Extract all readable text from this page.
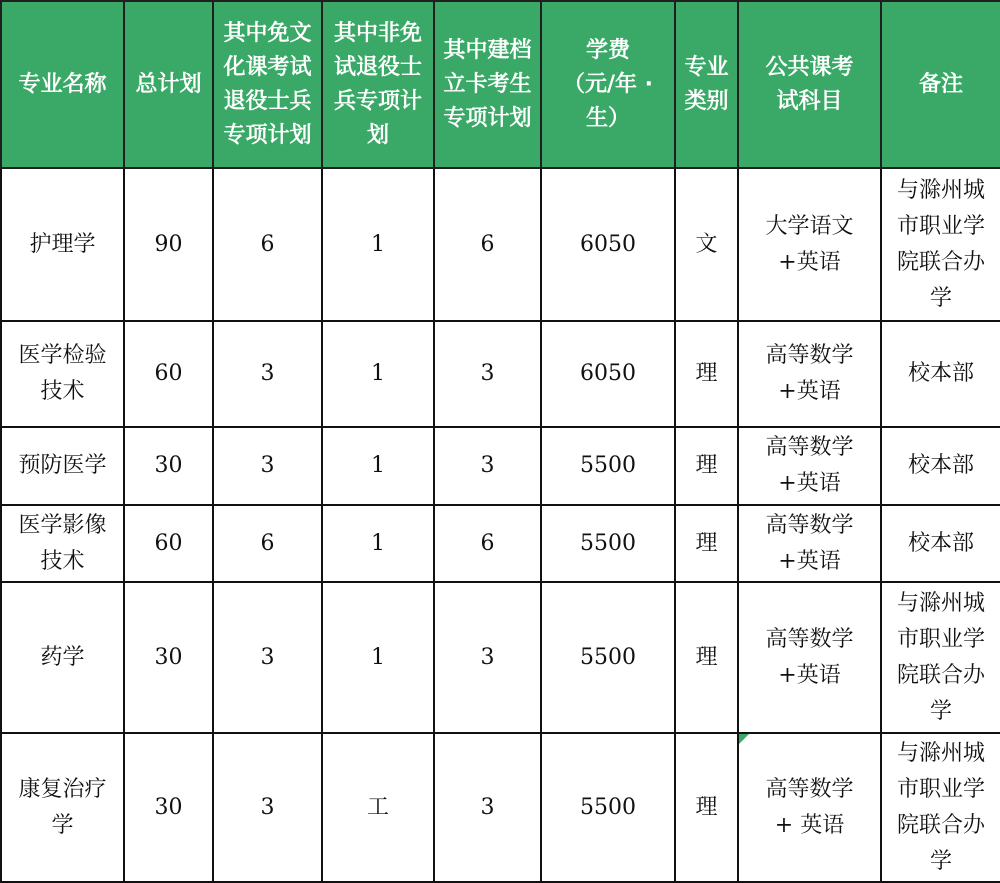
专业名称	总计划	其中免文
化课考试
退役士兵
专项计划	其中非免
试退役士
兵专项计
划	其中建档
立卡考生
专项计划	学费
（元/年 ·
生）	专业
类别	公共课考
试科目	备注

护理学	90	6	1	6	6050	文	大学语文
+英语	与滁州城
市职业学
院联合办
学

医学检验
技术	60	3	1	3	6050	理	高等数学
+英语	校本部

预防医学	30	3	1	3	5500	理	高等数学
+英语	校本部

医学影像
技术	60	6	1	6	5500	理	高等数学
+英语	校本部

药学	30	3	1	3	5500	理	高等数学
+英语	与滁州城
市职业学
院联合办
学

康复治疗
学	30	3	工	3	5500	理	高等数学
+ 英语	与滁州城
市职业学
院联合办
学
